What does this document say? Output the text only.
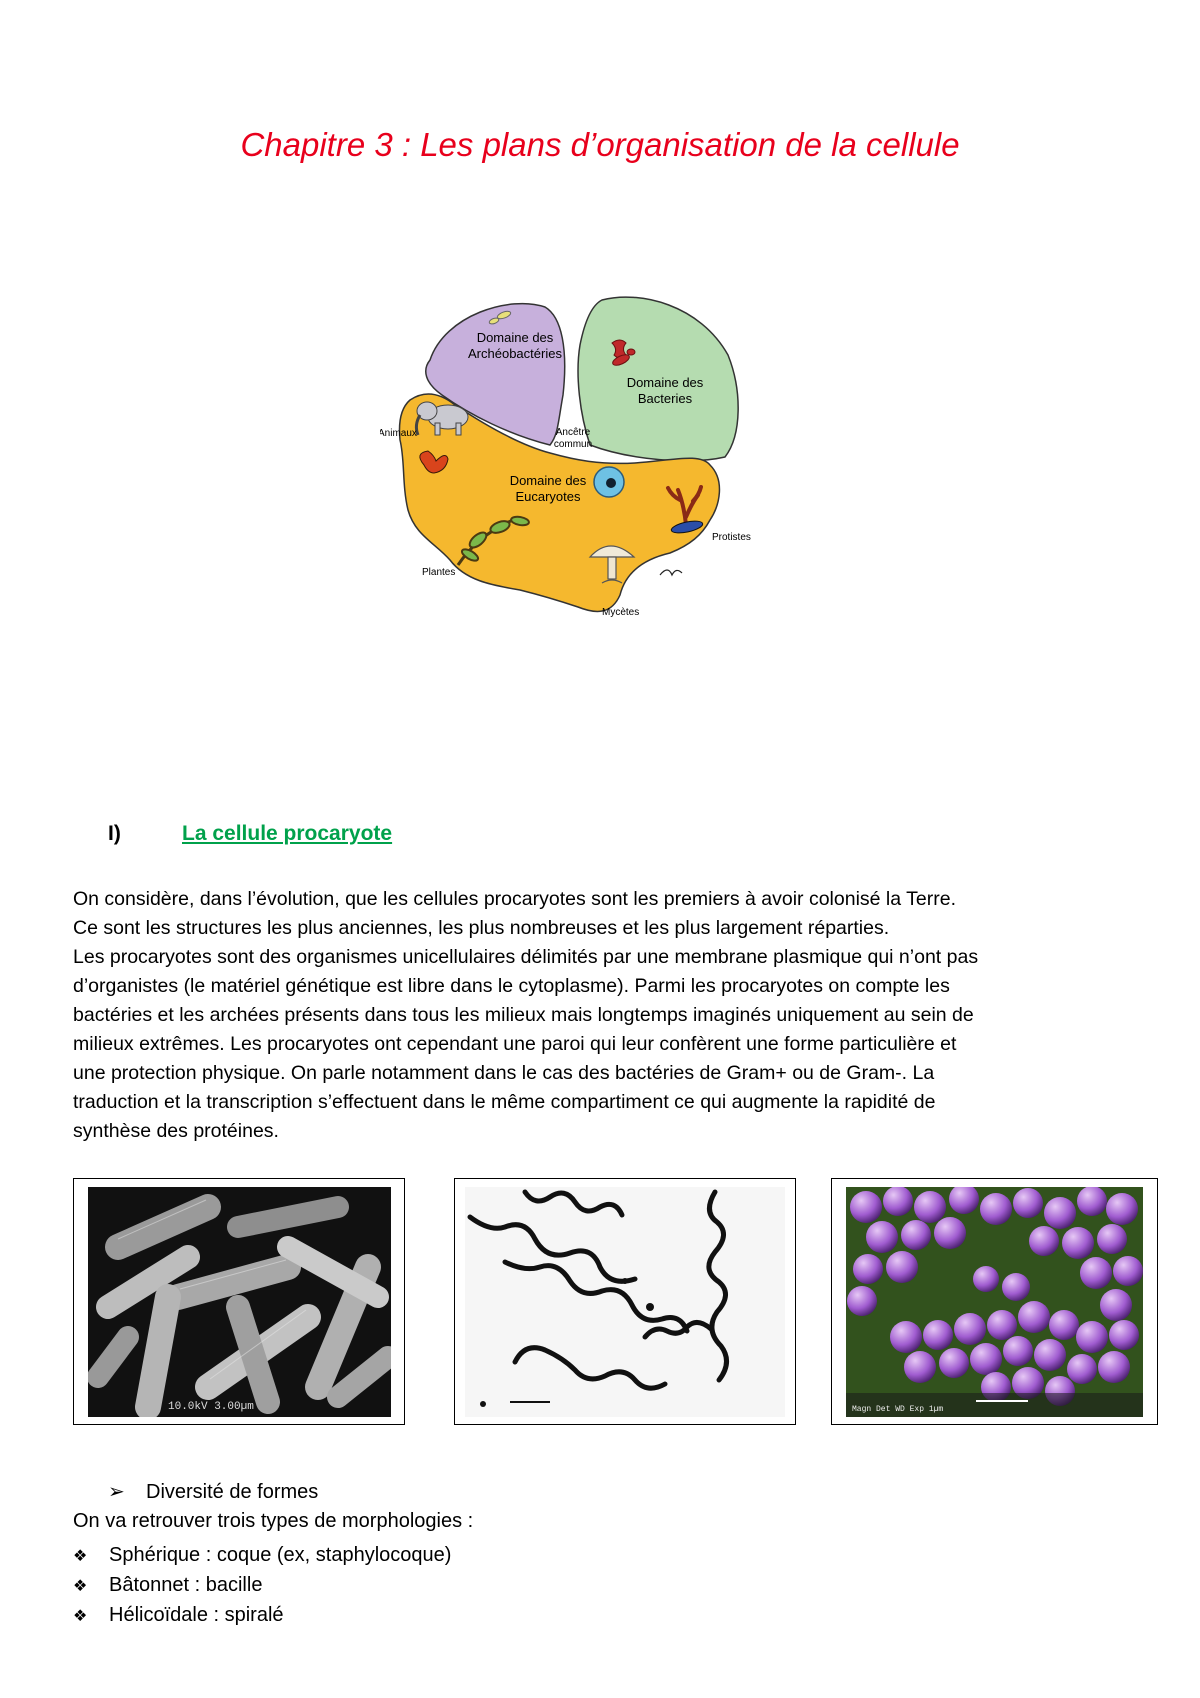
Chapitre 3 : Les plans d’organisation de la cellule
Domaine des
Archéobactéries
Domaine des
Bacteries
Domaine des
Eucaryotes
Ancêtre
commun
Animaux
Protistes
Plantes
Mycètes
I)	La cellule procaryote

On considère, dans l’évolution, que les cellules procaryotes sont les premiers à avoir colonisé la Terre.

Ce sont les structures les plus anciennes, les plus nombreuses et les plus largement réparties.

Les procaryotes sont des organismes unicellulaires délimités par une membrane plasmique qui n’ont pas

d’organistes (le matériel génétique est libre dans le cytoplasme). Parmi les procaryotes on compte les

bactéries et les archées présents dans tous les milieux mais longtemps imaginés uniquement au sein de

milieux extrêmes. Les procaryotes ont cependant une paroi qui leur confèrent une forme particulière et

une protection physique. On parle notamment dans le cas des bactéries de Gram+ ou de Gram-. La

traduction et la transcription s’effectuent dans le même compartiment ce qui augmente la rapidité de

synthèse des protéines.

10.0kV 3.00µm	Magn Det WD Exp 1µm
➢ Diversité de formes
On va retrouver trois types de morphologies :
❖ Sphérique : coque (ex, staphylocoque)
❖ Bâtonnet : bacille
❖ Hélicoïdale : spiralé
